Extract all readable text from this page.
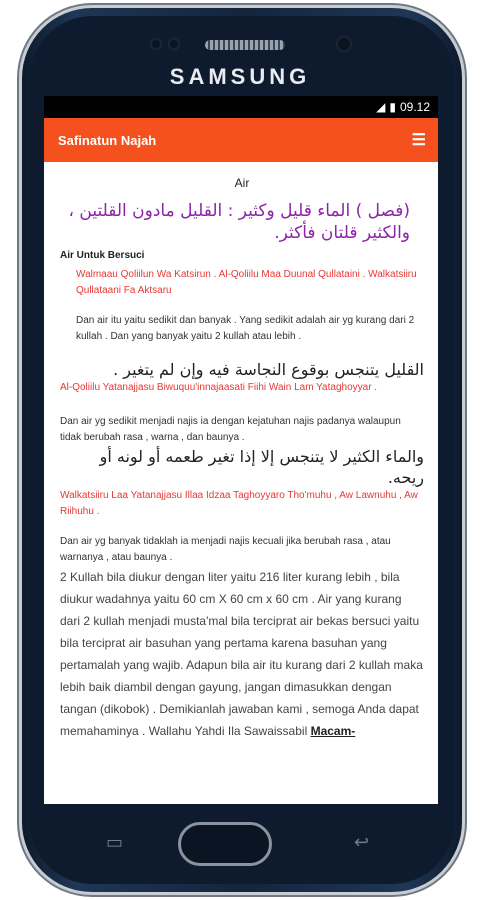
SAMSUNG
◢ ▮ 09.12
Safinatun Najah	☰
Air
(فصل ) الماء قليل وكثير : القليل مادون القلتين ، والكثير قلتان فأكثر.
Air Untuk Bersuci
Walmaau Qoliilun Wa Katsirun . Al-Qoliilu Maa Duunal Qullataini . Walkatsiiru Qullataani Fa Aktsaru
Dan air itu yaitu sedikit dan banyak . Yang sedikit adalah air yg kurang dari 2 kullah . Dan yang banyak yaitu 2 kullah atau lebih .
القليل يتنجس بوقوع النجاسة فيه وإن لم يتغير .
Al-Qoliilu Yatanajjasu Biwuquu'innajaasati Fiihi Wain Lam Yataghoyyar .
Dan air yg sedikit menjadi najis ia dengan kejatuhan najis padanya walaupun tidak berubah rasa , warna , dan baunya .
والماء الكثير لا يتنجس إلا إذا تغير طعمه أو لونه أو ريحه.
Walkatsiiru Laa Yatanajjasu Illaa Idzaa Taghoyyaro Tho'muhu , Aw Lawnuhu , Aw Riihuhu .
Dan air yg banyak tidaklah ia menjadi najis kecuali jika berubah rasa , atau warnanya , atau baunya .
2 Kullah bila diukur dengan liter yaitu 216 liter kurang lebih , bila diukur wadahnya yaitu 60 cm X 60 cm x 60 cm . Air yang kurang dari 2 kullah menjadi musta'mal bila terciprat air bekas bersuci yaitu bila terciprat air basuhan yang pertama karena basuhan yang pertamalah yang wajib. Adapun bila air itu kurang dari 2 kullah maka lebih baik diambil dengan gayung, jangan dimasukkan dengan tangan (dikobok) . Demikianlah jawaban kami , semoga Anda dapat memahaminya . Wallahu Yahdi Ila Sawaissabil Macam-
▭	↩
